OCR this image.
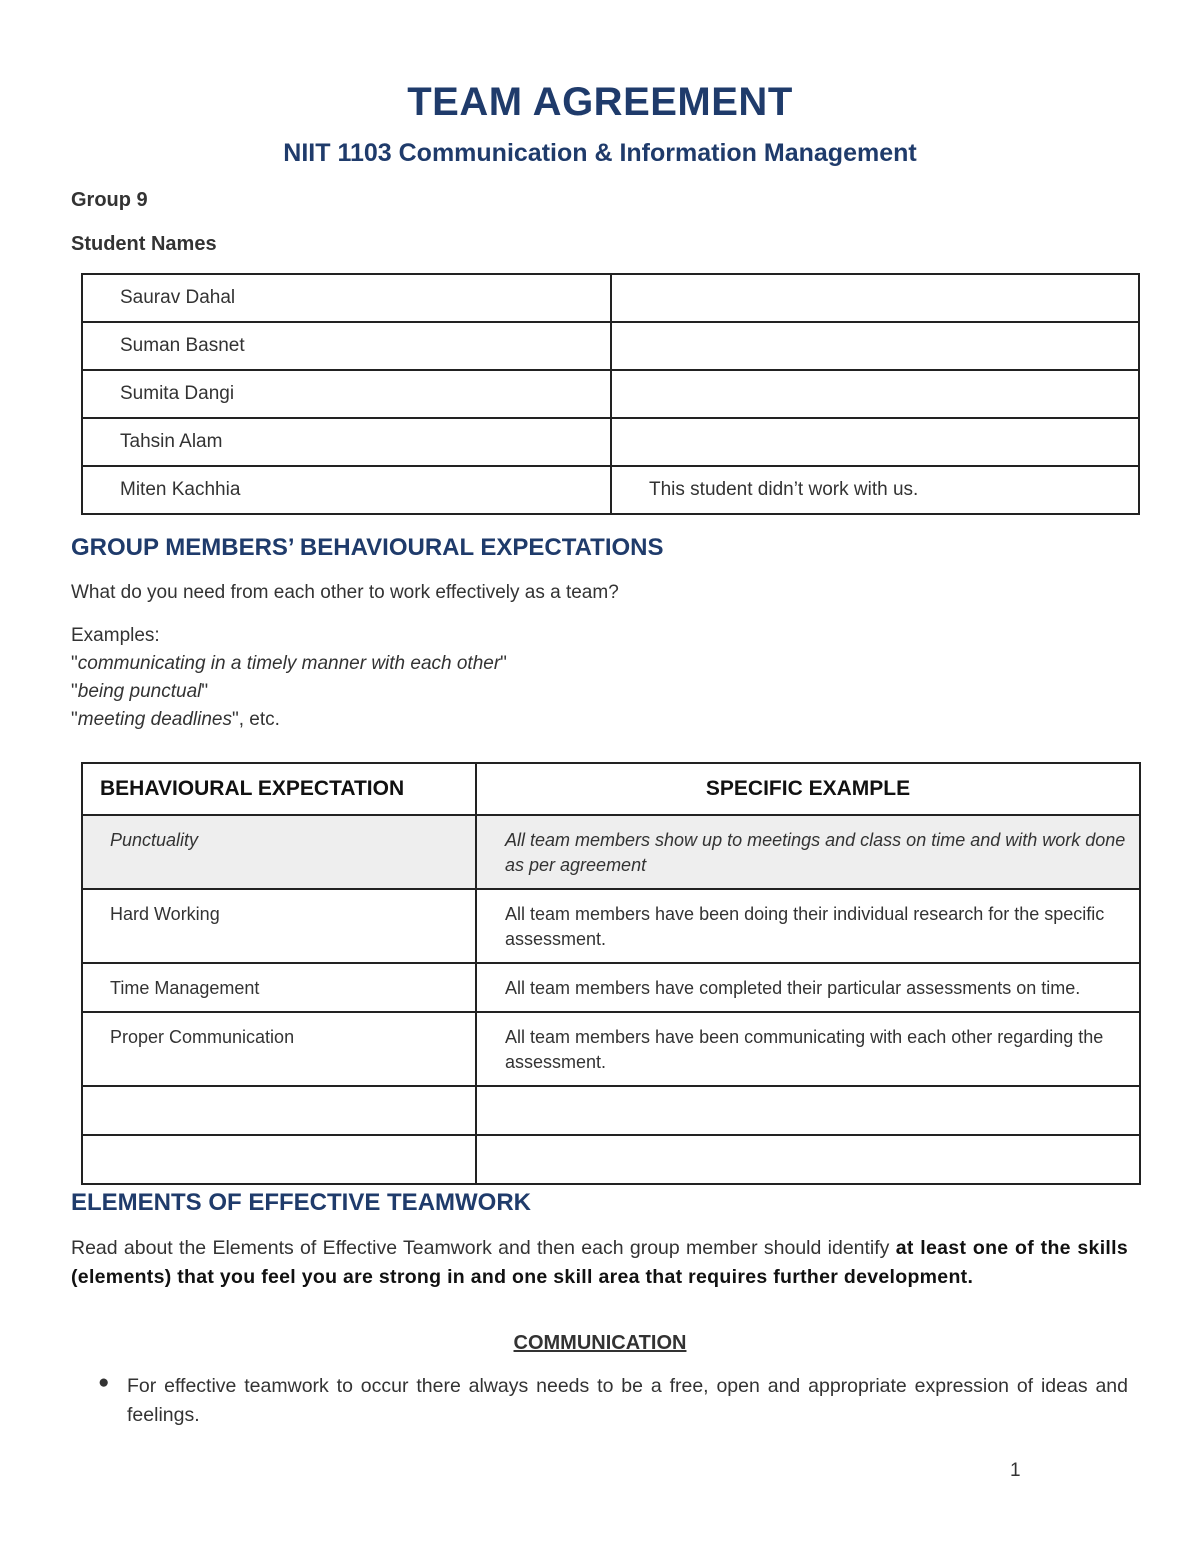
TEAM AGREEMENT
NIIT 1103 Communication & Information Management
Group 9
Student Names
Saurav Dahal	
Suman Basnet	
Sumita Dangi	
Tahsin Alam	
Miten Kachhia	This student didn’t work with us.
GROUP MEMBERS’ BEHAVIOURAL EXPECTATIONS
What do you need from each other to work effectively as a team?
Examples:
"communicating in a timely manner with each other"
"being punctual"
"meeting deadlines", etc.
BEHAVIOURAL EXPECTATION	SPECIFIC EXAMPLE
Punctuality	All team members show up to meetings and class on time and with work done as per agreement
Hard Working	All team members have been doing their individual research for the specific assessment.
Time Management	All team members have completed their particular assessments on time.
Proper Communication	All team members have been communicating with each other regarding the assessment.

ELEMENTS OF EFFECTIVE TEAMWORK
Read about the Elements of Effective Teamwork and then each group member should identify at least one of the skills (elements) that you feel you are strong in and one skill area that requires further development.
COMMUNICATION
● For effective teamwork to occur there always needs to be a free, open and appropriate expression of ideas and feelings.
1
